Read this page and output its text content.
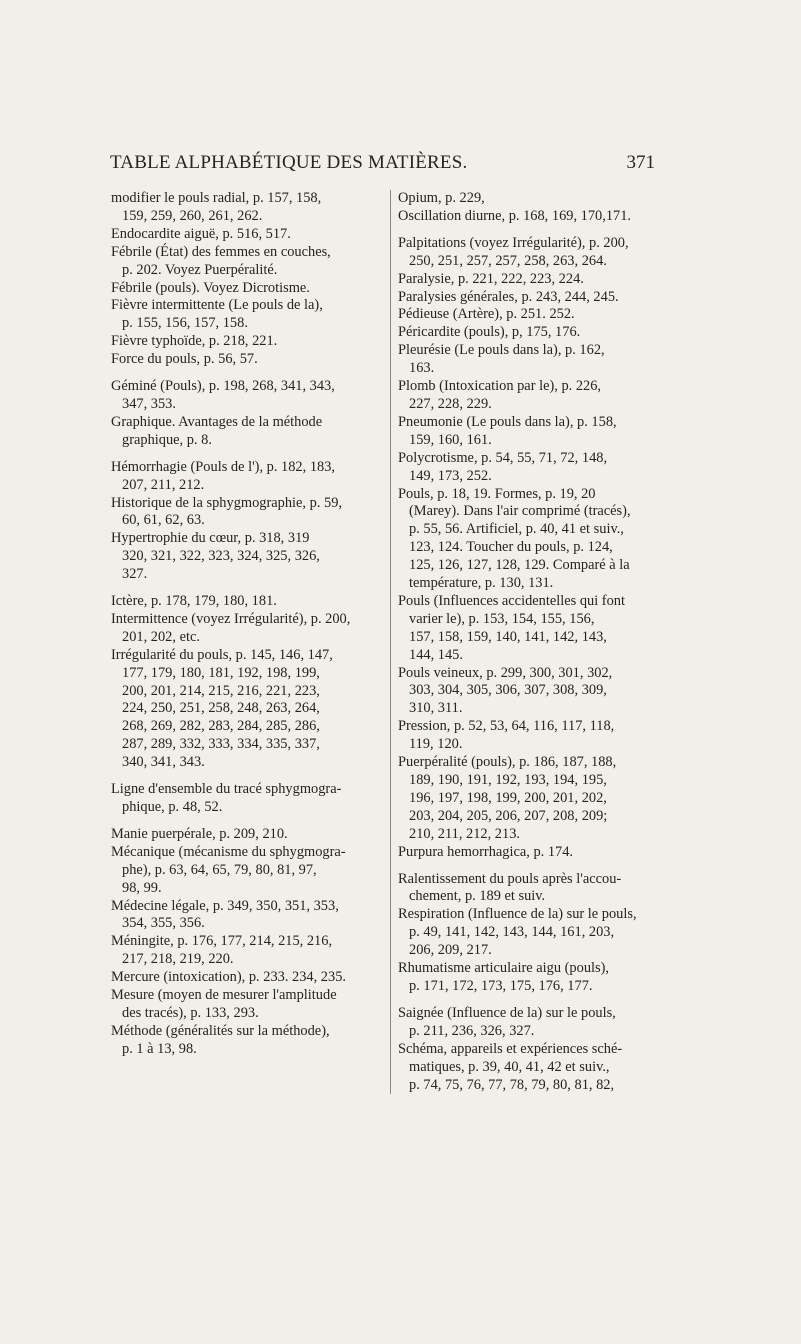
TABLE ALPHABÉTIQUE DES MATIÈRES.	371

modifier le pouls radial, p. 157, 158,
159, 259, 260, 261, 262.

Endocardite aiguë, p. 516, 517.

Fébrile (État) des femmes en couches,
p. 202. Voyez Puerpéralité.

Fébrile (pouls). Voyez Dicrotisme.

Fièvre intermittente (Le pouls de la),
p. 155, 156, 157, 158.

Fièvre typhoïde, p. 218, 221.

Force du pouls, p. 56, 57.

Géminé (Pouls), p. 198, 268, 341, 343,
347, 353.

Graphique. Avantages de la méthode
graphique, p. 8.

Hémorrhagie (Pouls de l'), p. 182, 183,
207, 211, 212.

Historique de la sphygmographie, p. 59,
60, 61, 62, 63.

Hypertrophie du cœur, p. 318, 319
320, 321, 322, 323, 324, 325, 326,
327.

Ictère, p. 178, 179, 180, 181.

Intermittence (voyez Irrégularité), p. 200,
201, 202, etc.

Irrégularité du pouls, p. 145, 146, 147,
177, 179, 180, 181, 192, 198, 199,
200, 201, 214, 215, 216, 221, 223,
224, 250, 251, 258, 248, 263, 264,
268, 269, 282, 283, 284, 285, 286,
287, 289, 332, 333, 334, 335, 337,
340, 341, 343.

Ligne d'ensemble du tracé sphygmogra-
phique, p. 48, 52.

Manie puerpérale, p. 209, 210.

Mécanique (mécanisme du sphygmogra-
phe), p. 63, 64, 65, 79, 80, 81, 97,
98, 99.

Médecine légale, p. 349, 350, 351, 353,
354, 355, 356.

Méningite, p. 176, 177, 214, 215, 216,
217, 218, 219, 220.

Mercure (intoxication), p. 233. 234, 235.

Mesure (moyen de mesurer l'amplitude
des tracés), p. 133, 293.

Méthode (généralités sur la méthode),
p. 1 à 13, 98.

Opium, p. 229,

Oscillation diurne, p. 168, 169, 170,171.

Palpitations (voyez Irrégularité), p. 200,
250, 251, 257, 257, 258, 263, 264.

Paralysie, p. 221, 222, 223, 224.

Paralysies générales, p. 243, 244, 245.

Pédieuse (Artère), p. 251. 252.

Péricardite (pouls), p, 175, 176.

Pleurésie (Le pouls dans la), p. 162,
163.

Plomb (Intoxication par le), p. 226,
227, 228, 229.

Pneumonie (Le pouls dans la), p. 158,
159, 160, 161.

Polycrotisme, p. 54, 55, 71, 72, 148,
149, 173, 252.

Pouls, p. 18, 19. Formes, p. 19, 20
(Marey). Dans l'air comprimé (tracés),
p. 55, 56. Artificiel, p. 40, 41 et suiv.,
123, 124. Toucher du pouls, p. 124,
125, 126, 127, 128, 129. Comparé à la
température, p. 130, 131.

Pouls (Influences accidentelles qui font
varier le), p. 153, 154, 155, 156,
157, 158, 159, 140, 141, 142, 143,
144, 145.

Pouls veineux, p. 299, 300, 301, 302,
303, 304, 305, 306, 307, 308, 309,
310, 311.

Pression, p. 52, 53, 64, 116, 117, 118,
119, 120.

Puerpéralité (pouls), p. 186, 187, 188,
189, 190, 191, 192, 193, 194, 195,
196, 197, 198, 199, 200, 201, 202,
203, 204, 205, 206, 207, 208, 209;
210, 211, 212, 213.

Purpura hemorrhagica, p. 174.

Ralentissement du pouls après l'accou-
chement, p. 189 et suiv.

Respiration (Influence de la) sur le pouls,
p. 49, 141, 142, 143, 144, 161, 203,
206, 209, 217.

Rhumatisme articulaire aigu (pouls),
p. 171, 172, 173, 175, 176, 177.

Saignée (Influence de la) sur le pouls,
p. 211, 236, 326, 327.

Schéma, appareils et expériences sché-
matiques, p. 39, 40, 41, 42 et suiv.,
p. 74, 75, 76, 77, 78, 79, 80, 81, 82,
